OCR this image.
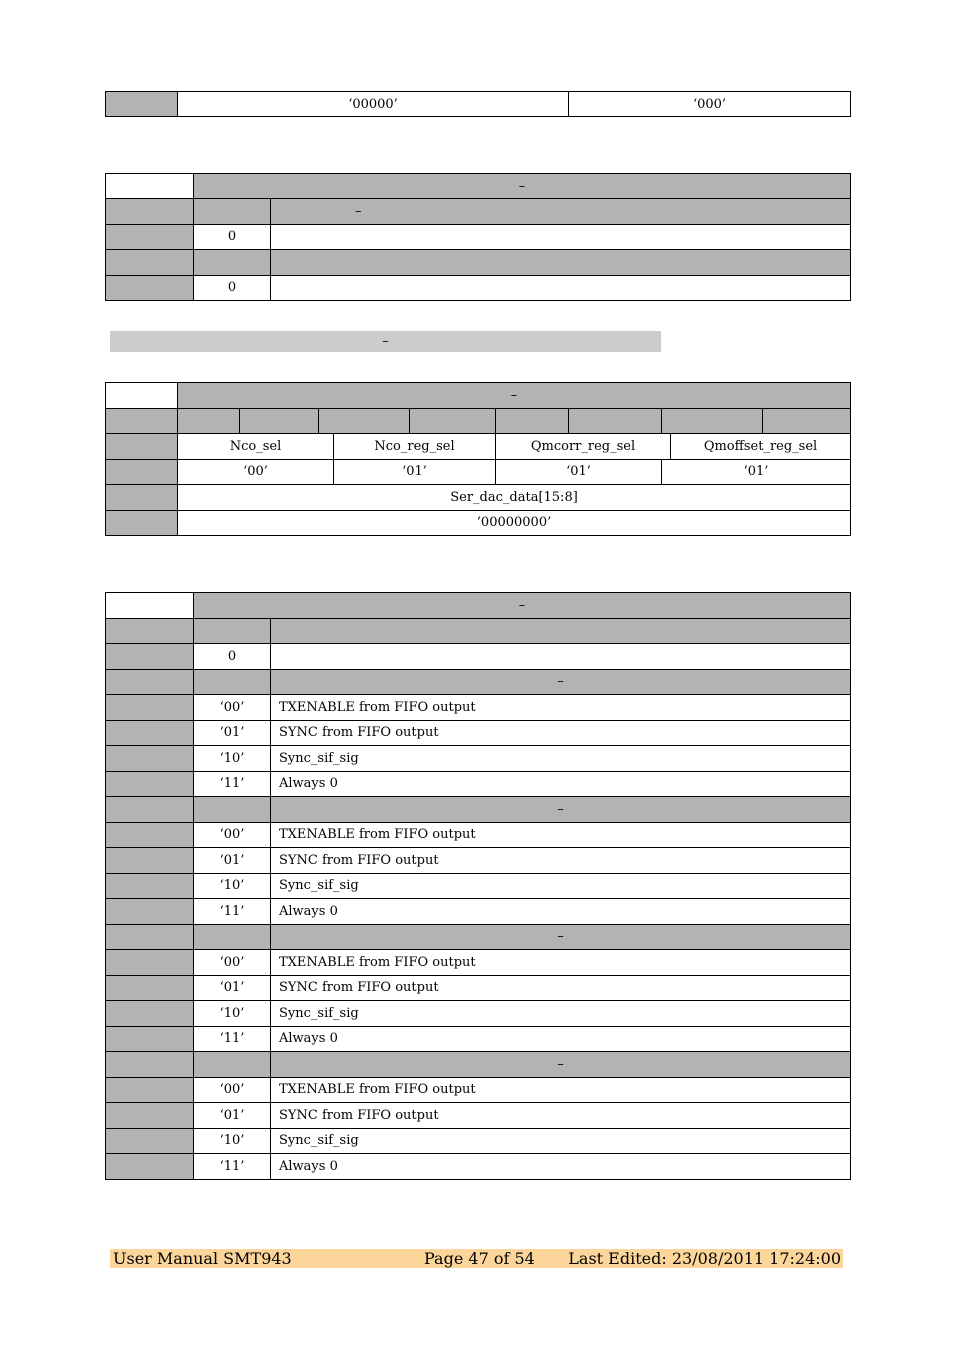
	‘00000’	‘000’
	–	
		–
	0	

	0	
–
	–									

	Nco_sel			Nco_reg_sel		Qmcorr_reg_sel			Qmoffset_reg_sel	
	‘00’			‘01’		‘01’		‘01’		
	Ser_dac_data[15:8]									
	‘00000000’									
	–	

	0	
		–
	‘00’	TXENABLE from FIFO output
	‘01’	SYNC from FIFO output
	‘10’	Sync_sif_sig
	‘11’	Always 0
		–
	‘00’	TXENABLE from FIFO output
	‘01’	SYNC from FIFO output
	‘10’	Sync_sif_sig
	‘11’	Always 0
		–
	‘00’	TXENABLE from FIFO output
	‘01’	SYNC from FIFO output
	‘10’	Sync_sif_sig
	‘11’	Always 0
		–
	‘00’	TXENABLE from FIFO output
	‘01’	SYNC from FIFO output
	‘10’	Sync_sif_sig
	‘11’	Always 0
User Manual SMT943	Page 47 of 54 Last Edited: 23/08/2011 17:24:00
